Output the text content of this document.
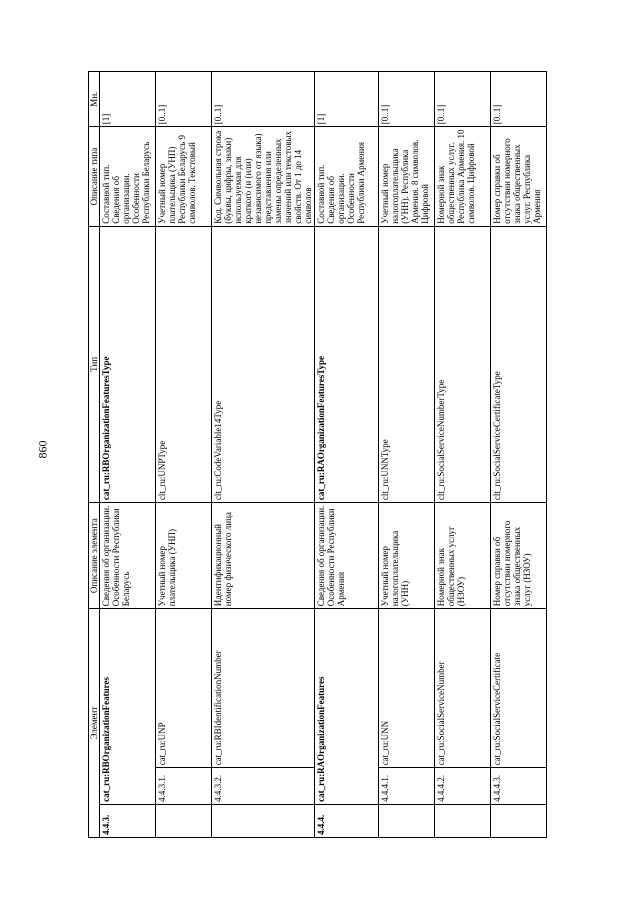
860
Элемент			Описание элемента	Тип	Описание типа	Мн.
4.4.3.	cat_ru:RBOrganizationFeatures		Сведения об организации. Особенности Республики Беларусь	cat_ru:RBOrganizationFeaturesType	Составной тип. Сведения об организации. Особенности Республики Беларусь	[1]
	4.4.3.1.	cat_ru:UNP	Учетный номер плательщика (УНП)	clt_ru:UNPType	Учетный номер плательщика (УНП) Республики Беларусь 9 символов. Текстовый	[0..1]
	4.4.3.2.	cat_ru:RBIdentificationNumber	Идентификационный номер физического лица	clt_ru:CodeVariable14Type	Код. Символьная строка (буквы, цифры, знаки) используемая для краткого (и (или) независимого от языка) представления или замены определенных значений или текстовых свойств. От 1 до 14 символов	[0..1]
4.4.4.	cat_ru:RAOrganizationFeatures		Сведения об организации. Особенности Республики Армения	cat_ru:RAOrganizationFeaturesType	Составной тип. Сведения об организации. Особенности Республики Армения	[1]
	4.4.4.1.	cat_ru:UNN	Учетный номер налогоплательщика (УНН)	clt_ru:UNNType	Учетный номер налогоплательщика (УНН). Республика Армения. 8 символов. Цифровой	[0..1]
	4.4.4.2.	cat_ru:SocialServiceNumber	Номерной знак общественных услуг (НЗОУ)	clt_ru:SocialServiceNumberType	Номерной знак общественных услуг. Республика Армения. 10 символов. Цифровой	[0..1]
	4.4.4.3.	cat_ru:SocialServiceCertificate	Номер справки об отсутствии номерного знака общественных услуг (НЗОУ)	clt_ru:SocialServiceCertificateType	Номер справки об отсутствии номерного знака общественных услуг. Республика Армения	[0..1]
